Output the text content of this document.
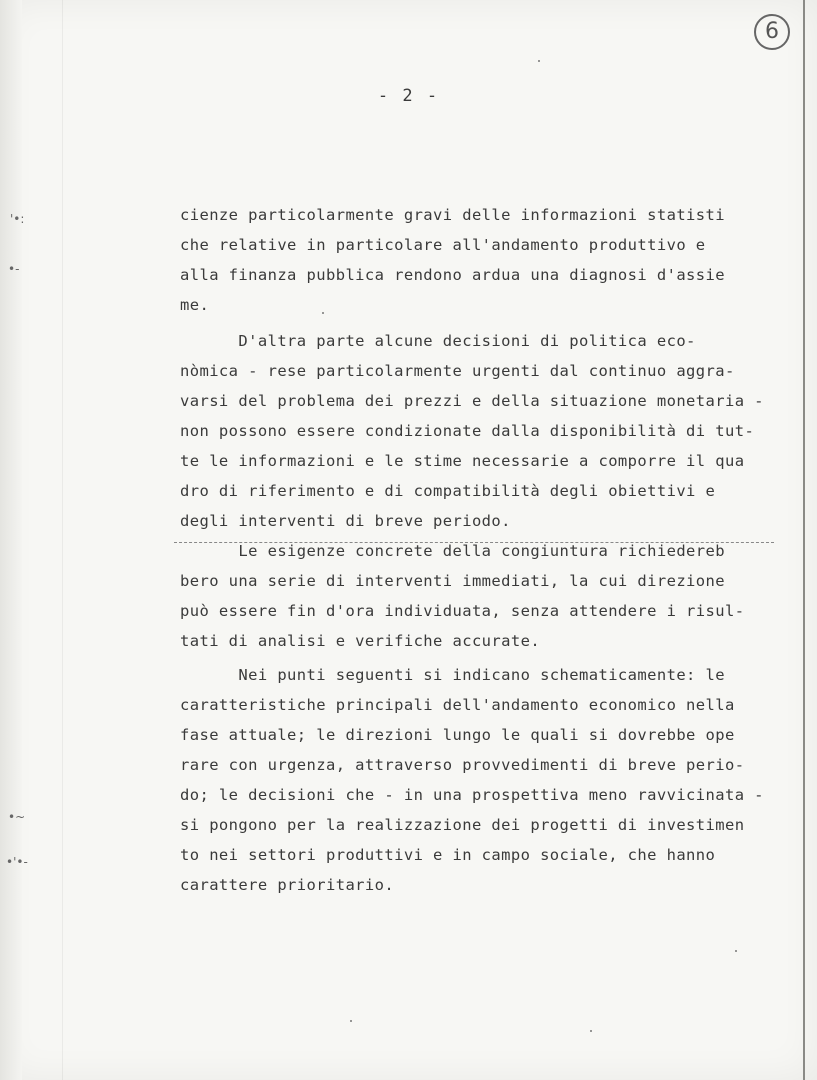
6
- 2 -
'•:
•-
•~
•'•-
cienze particolarmente gravi delle informazioni statisti
che relative in particolare all'andamento produttivo e
alla finanza pubblica rendono ardua una diagnosi d'assie
me.
D'altra parte alcune decisioni di politica eco-
nòmica - rese particolarmente urgenti dal continuo aggra-
varsi del problema dei prezzi e della situazione monetaria -
non possono essere condizionate dalla disponibilità di tut-
te le informazioni e le stime necessarie a comporre il qua
dro di riferimento e di compatibilità degli obiettivi e
degli interventi di breve periodo.
Le esigenze concrete della congiuntura richiedereb
bero una serie di interventi immediati, la cui direzione
può essere fin d'ora individuata, senza attendere i risul-
tati di analisi e verifiche accurate.
Nei punti seguenti si indicano schematicamente: le
caratteristiche principali dell'andamento economico nella
fase attuale; le direzioni lungo le quali si dovrebbe ope
rare con urgenza, attraverso provvedimenti di breve perio-
do; le decisioni che - in una prospettiva meno ravvicinata -
si pongono per la realizzazione dei progetti di investimen
to nei settori produttivi e in campo sociale, che hanno
carattere prioritario.
